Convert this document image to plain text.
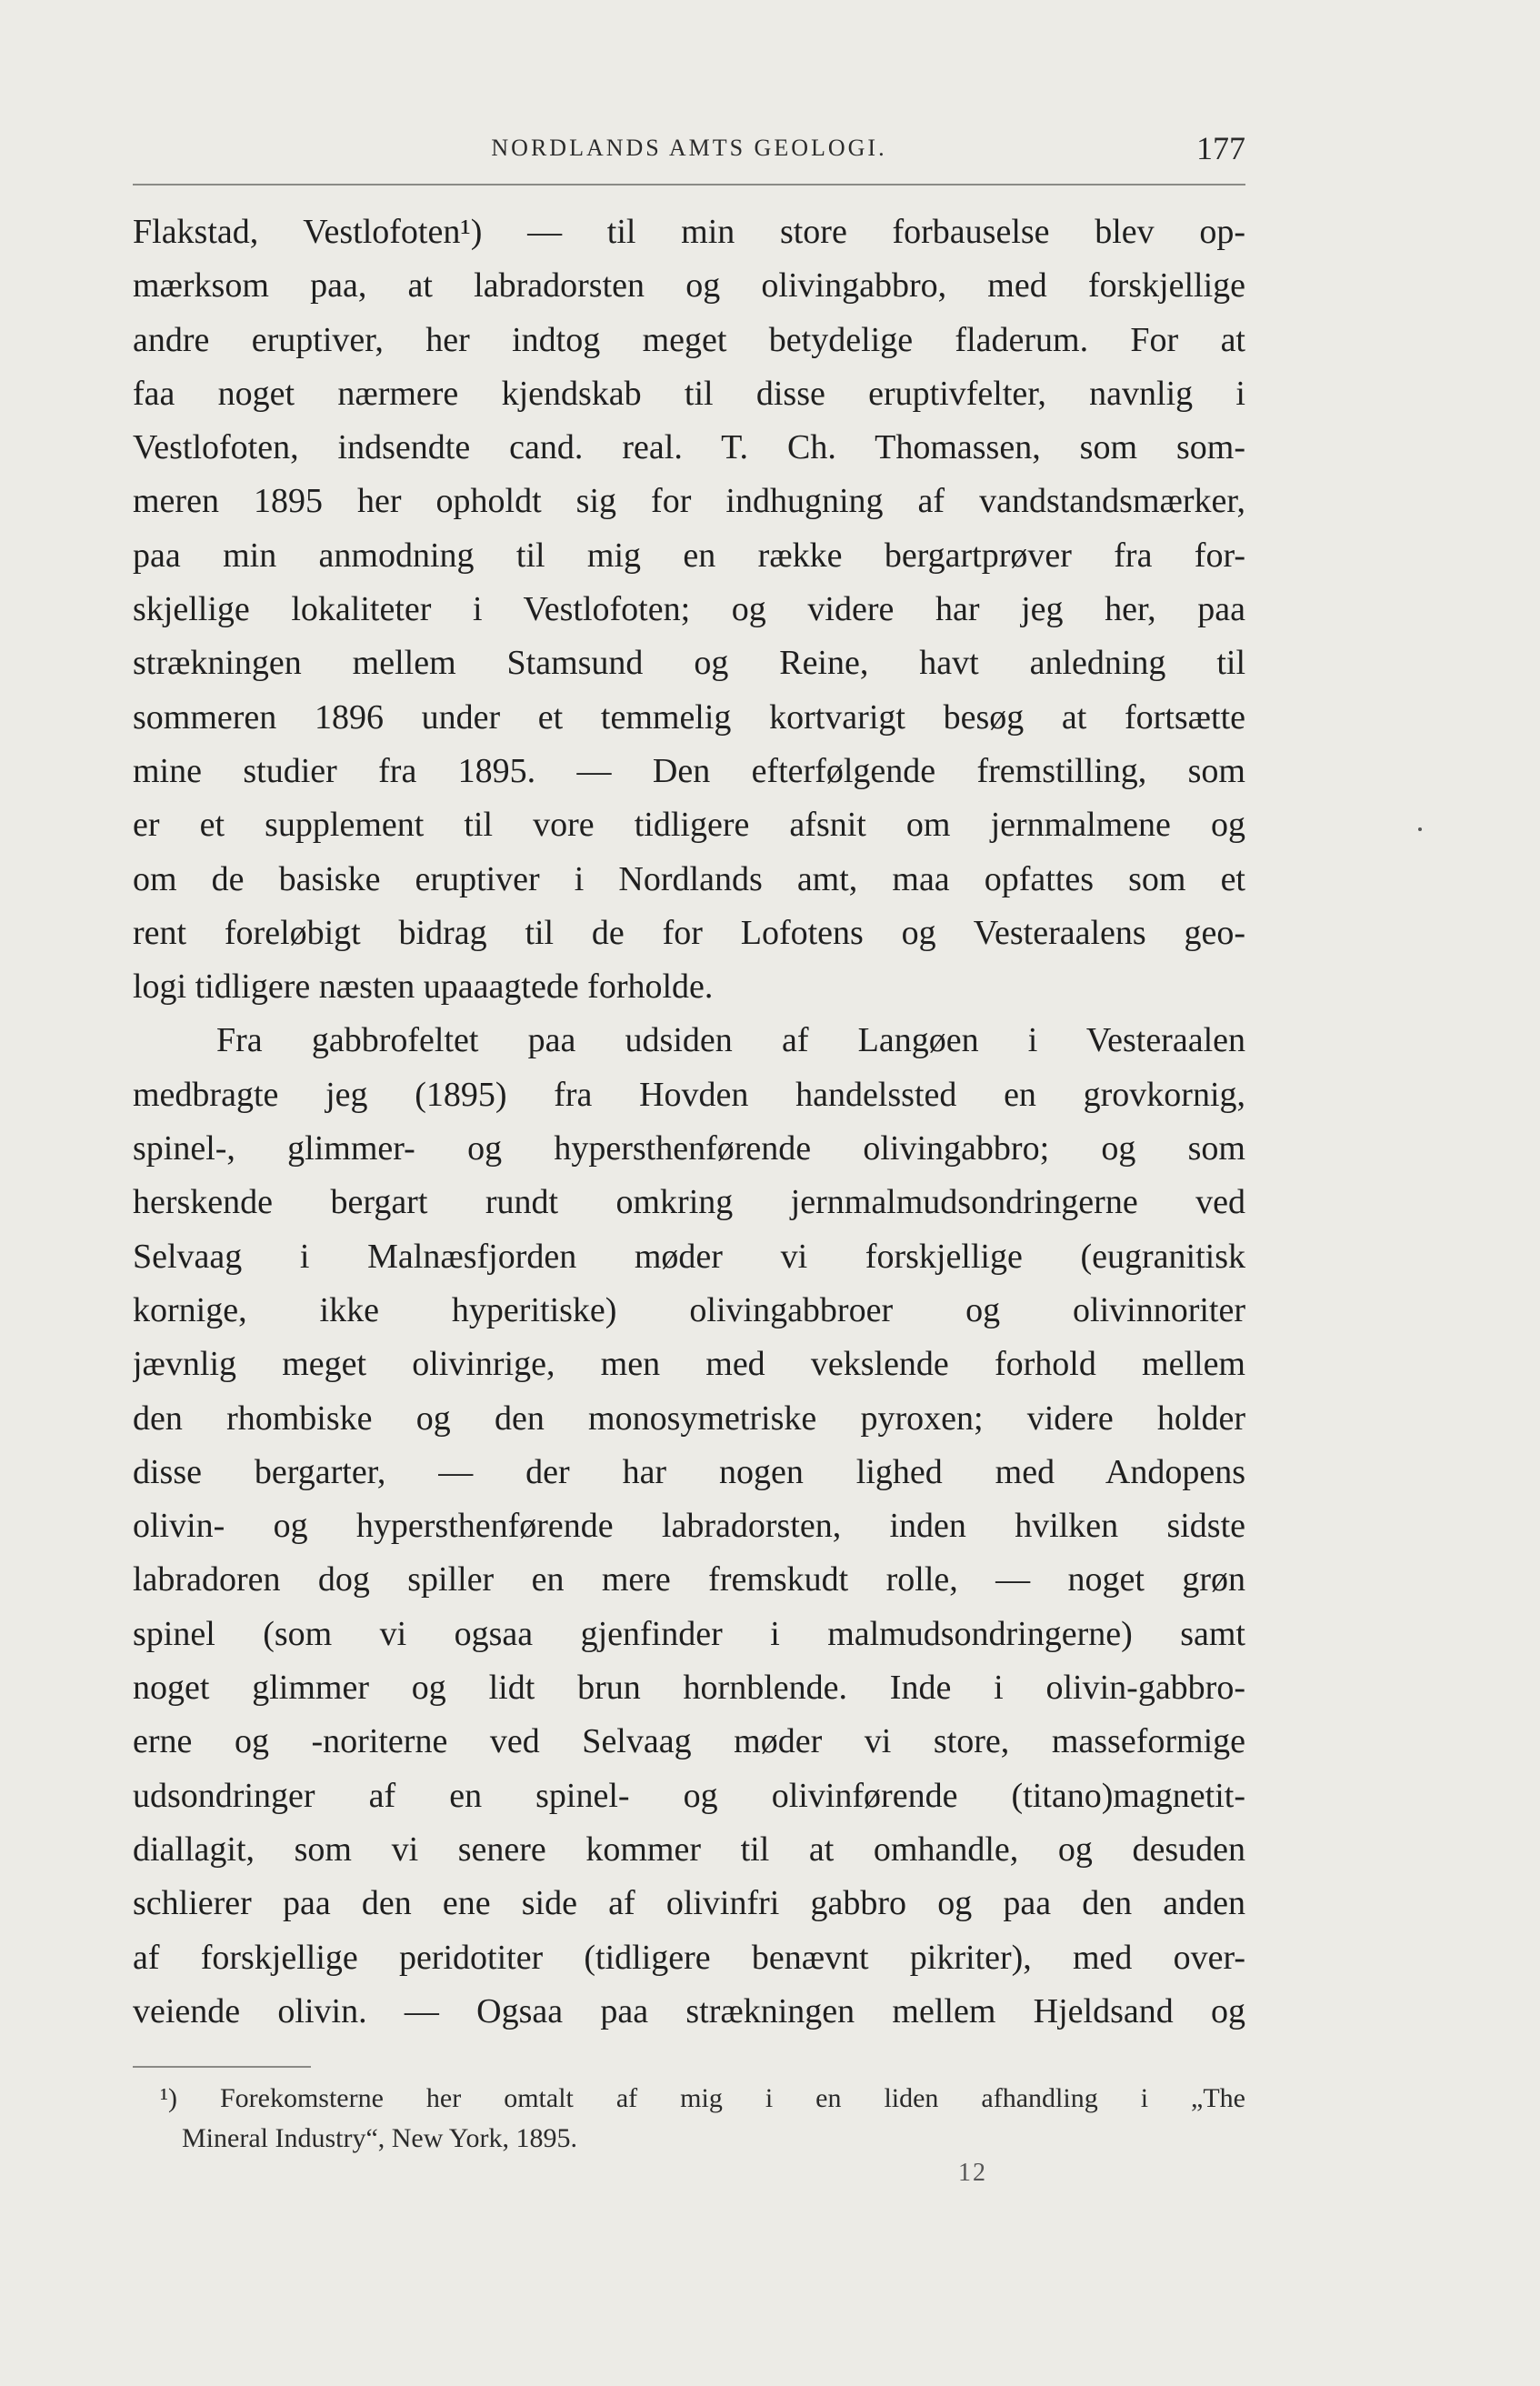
NORDLANDS AMTS GEOLOGI.	177
Flakstad, Vestlofoten¹) — til min store forbauselse blev op-
mærksom paa, at labradorsten og olivingabbro, med forskjellige
andre eruptiver, her indtog meget betydelige fladerum. For at
faa noget nærmere kjendskab til disse eruptivfelter, navnlig i
Vestlofoten, indsendte cand. real. T. Ch. Thomassen, som som-
meren 1895 her opholdt sig for indhugning af vandstandsmærker,
paa min anmodning til mig en række bergartprøver fra for-
skjellige lokaliteter i Vestlofoten; og videre har jeg her, paa
strækningen mellem Stamsund og Reine, havt anledning til
sommeren 1896 under et temmelig kortvarigt besøg at fortsætte
mine studier fra 1895. — Den efterfølgende fremstilling, som
er et supplement til vore tidligere afsnit om jernmalmene og
om de basiske eruptiver i Nordlands amt, maa opfattes som et
rent foreløbigt bidrag til de for Lofotens og Vesteraalens geo-
logi tidligere næsten upaaagtede forholde.
Fra gabbrofeltet paa udsiden af Langøen i Vesteraalen
medbragte jeg (1895) fra Hovden handelssted en grovkornig,
spinel-, glimmer- og hypersthenførende olivingabbro; og som
herskende bergart rundt omkring jernmalmudsondringerne ved
Selvaag i Malnæsfjorden møder vi forskjellige (eugranitisk
kornige, ikke hyperitiske) olivingabbroer og olivinnoriter
jævnlig meget olivinrige, men med vekslende forhold mellem
den rhombiske og den monosymetriske pyroxen; videre holder
disse bergarter, — der har nogen lighed med Andopens
olivin- og hypersthenførende labradorsten, inden hvilken sidste
labradoren dog spiller en mere fremskudt rolle, — noget grøn
spinel (som vi ogsaa gjenfinder i malmudsondringerne) samt
noget glimmer og lidt brun hornblende. Inde i olivin-gabbro-
erne og -noriterne ved Selvaag møder vi store, masseformige
udsondringer af en spinel- og olivinførende (titano)magnetit-
diallagit, som vi senere kommer til at omhandle, og desuden
schlierer paa den ene side af olivinfri gabbro og paa den anden
af forskjellige peridotiter (tidligere benævnt pikriter), med over-
veiende olivin. — Ogsaa paa strækningen mellem Hjeldsand og
¹) Forekomsterne her omtalt af mig i en liden afhandling i „The
Mineral Industry“, New York, 1895.
12
